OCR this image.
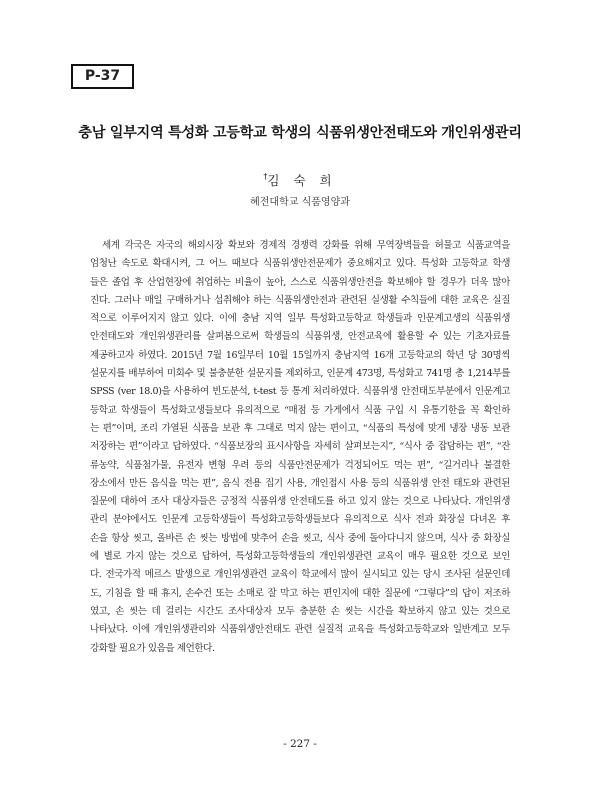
P-37
충남 일부지역 특성화 고등학교 학생의 식품위생안전태도와 개인위생관리
†김 숙 희
혜전대학교 식품영양과
세계 각국은 자국의 해외시장 확보와 경제적 경쟁력 강화를 위해 무역장벽들을 허물고 식품교역을
엄청난 속도로 확대시켜, 그 어느 때보다 식품위생안전문제가 중요해지고 있다. 특성화 고등학교 학생
들은 졸업 후 산업현장에 취업하는 비율이 높아, 스스로 식품위생안전을 확보해야 할 경우가 더욱 많아
진다. 그러나 매일 구매하거나 섭취해야 하는 식품위생안전과 관련된 실생활 수칙들에 대한 교육은 실질
적으로 이루어지지 않고 있다. 이에 충남 지역 일부 특성화고등학교 학생들과 인문계고생의 식품위생
안전태도와 개인위생관리를 살펴봄으로써 학생들의 식품위생, 안전교육에 활용할 수 있는 기초자료를
제공하고자 하였다. 2015년 7월 16일부터 10월 15일까지 충남지역 16개 고등학교의 학년 당 30명씩
설문지를 배부하여 미회수 및 불충분한 설문지를 제외하고, 인문계 473명, 특성화고 741명 총 1,214부를
SPSS (ver 18.0)을 사용하여 빈도분석, t-test 등 통계 처리하였다. 식품위생 안전태도부분에서 인문계고
등학교 학생들이 특성화고생들보다 유의적으로 “매점 등 가게에서 식품 구입 시 유통기한을 꼭 확인하
는 편”이며, 조리 가열된 식품을 보관 후 그대로 먹지 않는 편이고, “식품의 특성에 맞게 냉장 냉동 보관
저장하는 편”이라고 답하였다. “식품보장의 표시사항을 자세히 살펴보는지”, “식사 중 잡담하는 편”, “잔
류농약, 식품첨가물, 유전자 변형 우려 등의 식품안전문제가 걱정되어도 먹는 편”, “길거리나 불결한
장소에서 만든 음식을 먹는 편”, 음식 전용 집기 사용, 개인접시 사용 등의 식품위생 안전 태도와 관련된
질문에 대하여 조사 대상자들은 긍정적 식품위생 안전태도를 하고 있지 않는 것으로 나타났다. 개인위생
관리 분야에서도 인문계 고등학생들이 특성화고등학생들보다 유의적으로 식사 전과 화장실 다녀온 후
손을 항상 씻고, 올바른 손 씻는 방법에 맞추어 손을 씻고, 식사 중에 돌아다니지 않으며, 식사 중 화장실
에 별로 가지 않는 것으로 답하여, 특성화고등학생들의 개인위생관련 교육이 매우 필요한 것으로 보인
다. 전국가적 메르스 발생으로 개인위생관련 교육이 학교에서 많이 실시되고 있는 당시 조사된 설문인데
도, 기침을 할 때 휴지, 손수건 또는 소매로 잘 막고 하는 편인지에 대한 질문에 “그렇다”의 답이 저조하
였고, 손 씻는 데 걸리는 시간도 조사대상자 모두 충분한 손 씻는 시간을 확보하지 않고 있는 것으로
나타났다. 이에 개인위생관리와 식품위생안전태도 관련 실질적 교육을 특성화고등학교와 일반계고 모두
강화할 필요가 있음을 제언한다.
- 227 -
